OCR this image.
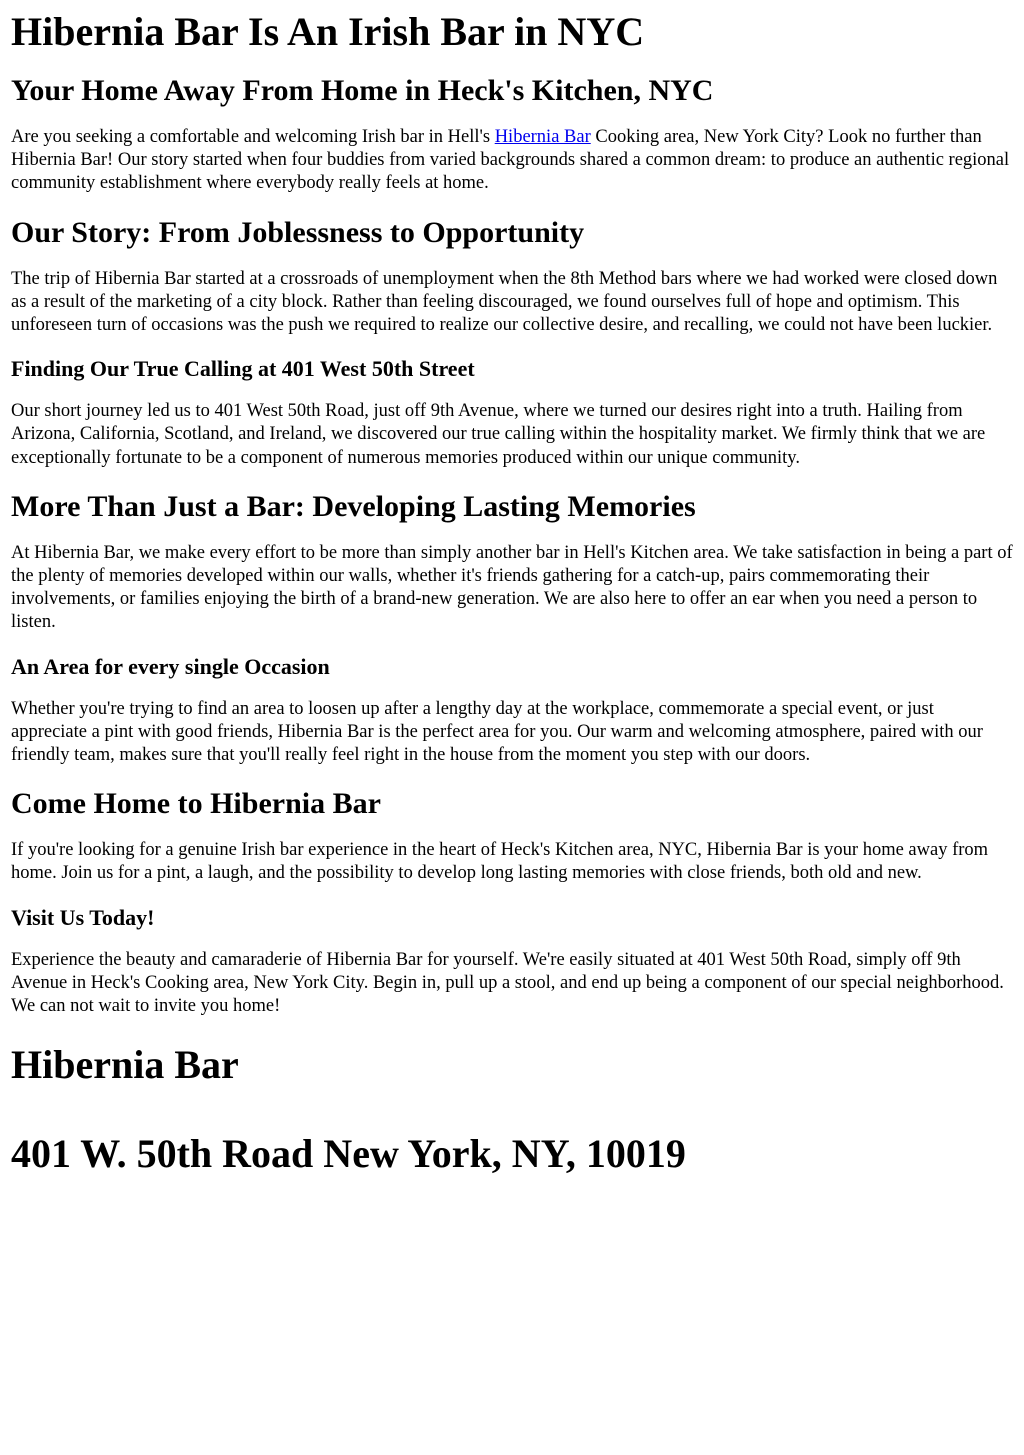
Hibernia Bar Is An Irish Bar in NYC
Your Home Away From Home in Heck's Kitchen, NYC

Are you seeking a comfortable and welcoming Irish bar in Hell's Hibernia Bar Cooking area, New York City? Look no further than Hibernia Bar! Our story started when four buddies from varied backgrounds shared a common dream: to produce an authentic regional community establishment where everybody really feels at home.

Our Story: From Joblessness to Opportunity

The trip of Hibernia Bar started at a crossroads of unemployment when the 8th Method bars where we had worked were closed down as a result of the marketing of a city block. Rather than feeling discouraged, we found ourselves full of hope and optimism. This unforeseen turn of occasions was the push we required to realize our collective desire, and recalling, we could not have been luckier.

Finding Our True Calling at 401 West 50th Street

Our short journey led us to 401 West 50th Road, just off 9th Avenue, where we turned our desires right into a truth. Hailing from Arizona, California, Scotland, and Ireland, we discovered our true calling within the hospitality market. We firmly think that we are exceptionally fortunate to be a component of numerous memories produced within our unique community.

More Than Just a Bar: Developing Lasting Memories

At Hibernia Bar, we make every effort to be more than simply another bar in Hell's Kitchen area. We take satisfaction in being a part of the plenty of memories developed within our walls, whether it's friends gathering for a catch-up, pairs commemorating their involvements, or families enjoying the birth of a brand-new generation. We are also here to offer an ear when you need a person to listen.

An Area for every single Occasion

Whether you're trying to find an area to loosen up after a lengthy day at the workplace, commemorate a special event, or just appreciate a pint with good friends, Hibernia Bar is the perfect area for you. Our warm and welcoming atmosphere, paired with our friendly team, makes sure that you'll really feel right in the house from the moment you step with our doors.

Come Home to Hibernia Bar

If you're looking for a genuine Irish bar experience in the heart of Heck's Kitchen area, NYC, Hibernia Bar is your home away from home. Join us for a pint, a laugh, and the possibility to develop long lasting memories with close friends, both old and new.

Visit Us Today!

Experience the beauty and camaraderie of Hibernia Bar for yourself. We're easily situated at 401 West 50th Road, simply off 9th Avenue in Heck's Cooking area, New York City. Begin in, pull up a stool, and end up being a component of our special neighborhood. We can not wait to invite you home!

Hibernia Bar
401 W. 50th Road New York, NY, 10019
